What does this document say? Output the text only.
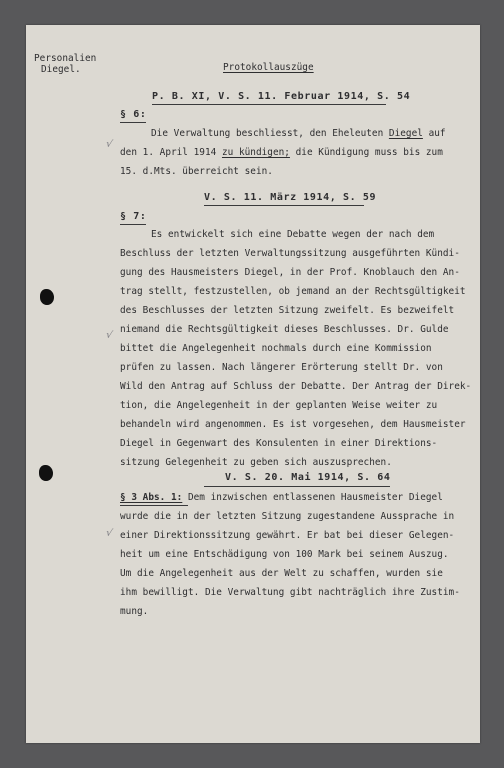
Personalien
Diegel.	Protokollauszüge
P. B. XI, V. S. 11. Februar 1914, S. 54
§ 6:
Die Verwaltung beschliesst, den Eheleuten Diegel auf
den 1. April 1914 zu kündigen; die Kündigung muss bis zum
15. d.Mts. überreicht sein.
V. S. 11. März 1914, S. 59
§ 7:
Es entwickelt sich eine Debatte wegen der nach dem
Beschluss der letzten Verwaltungssitzung ausgeführten Kündi-
gung des Hausmeisters Diegel, in der Prof. Knoblauch den An-
trag stellt, festzustellen, ob jemand an der Rechtsgültigkeit
des Beschlusses der letzten Sitzung zweifelt. Es bezweifelt
niemand die Rechtsgültigkeit dieses Beschlusses. Dr. Gulde
bittet die Angelegenheit nochmals durch eine Kommission
prüfen zu lassen. Nach längerer Erörterung stellt Dr. von
Wild den Antrag auf Schluss der Debatte. Der Antrag der Direk-
tion, die Angelegenheit in der geplanten Weise weiter zu
behandeln wird angenommen. Es ist vorgesehen, dem Hausmeister
Diegel in Gegenwart des Konsulenten in einer Direktions-
sitzung Gelegenheit zu geben sich auszusprechen.
V. S. 20. Mai 1914, S. 64
§ 3 Abs. 1: Dem inzwischen entlassenen Hausmeister Diegel
wurde die in der letzten Sitzung zugestandene Aussprache in
einer Direktionssitzung gewährt. Er bat bei dieser Gelegen-
heit um eine Entschädigung von 100 Mark bei seinem Auszug.
Um die Angelegenheit aus der Welt zu schaffen, wurden sie
ihm bewilligt. Die Verwaltung gibt nachträglich ihre Zustim-
mung.
√
√
√
